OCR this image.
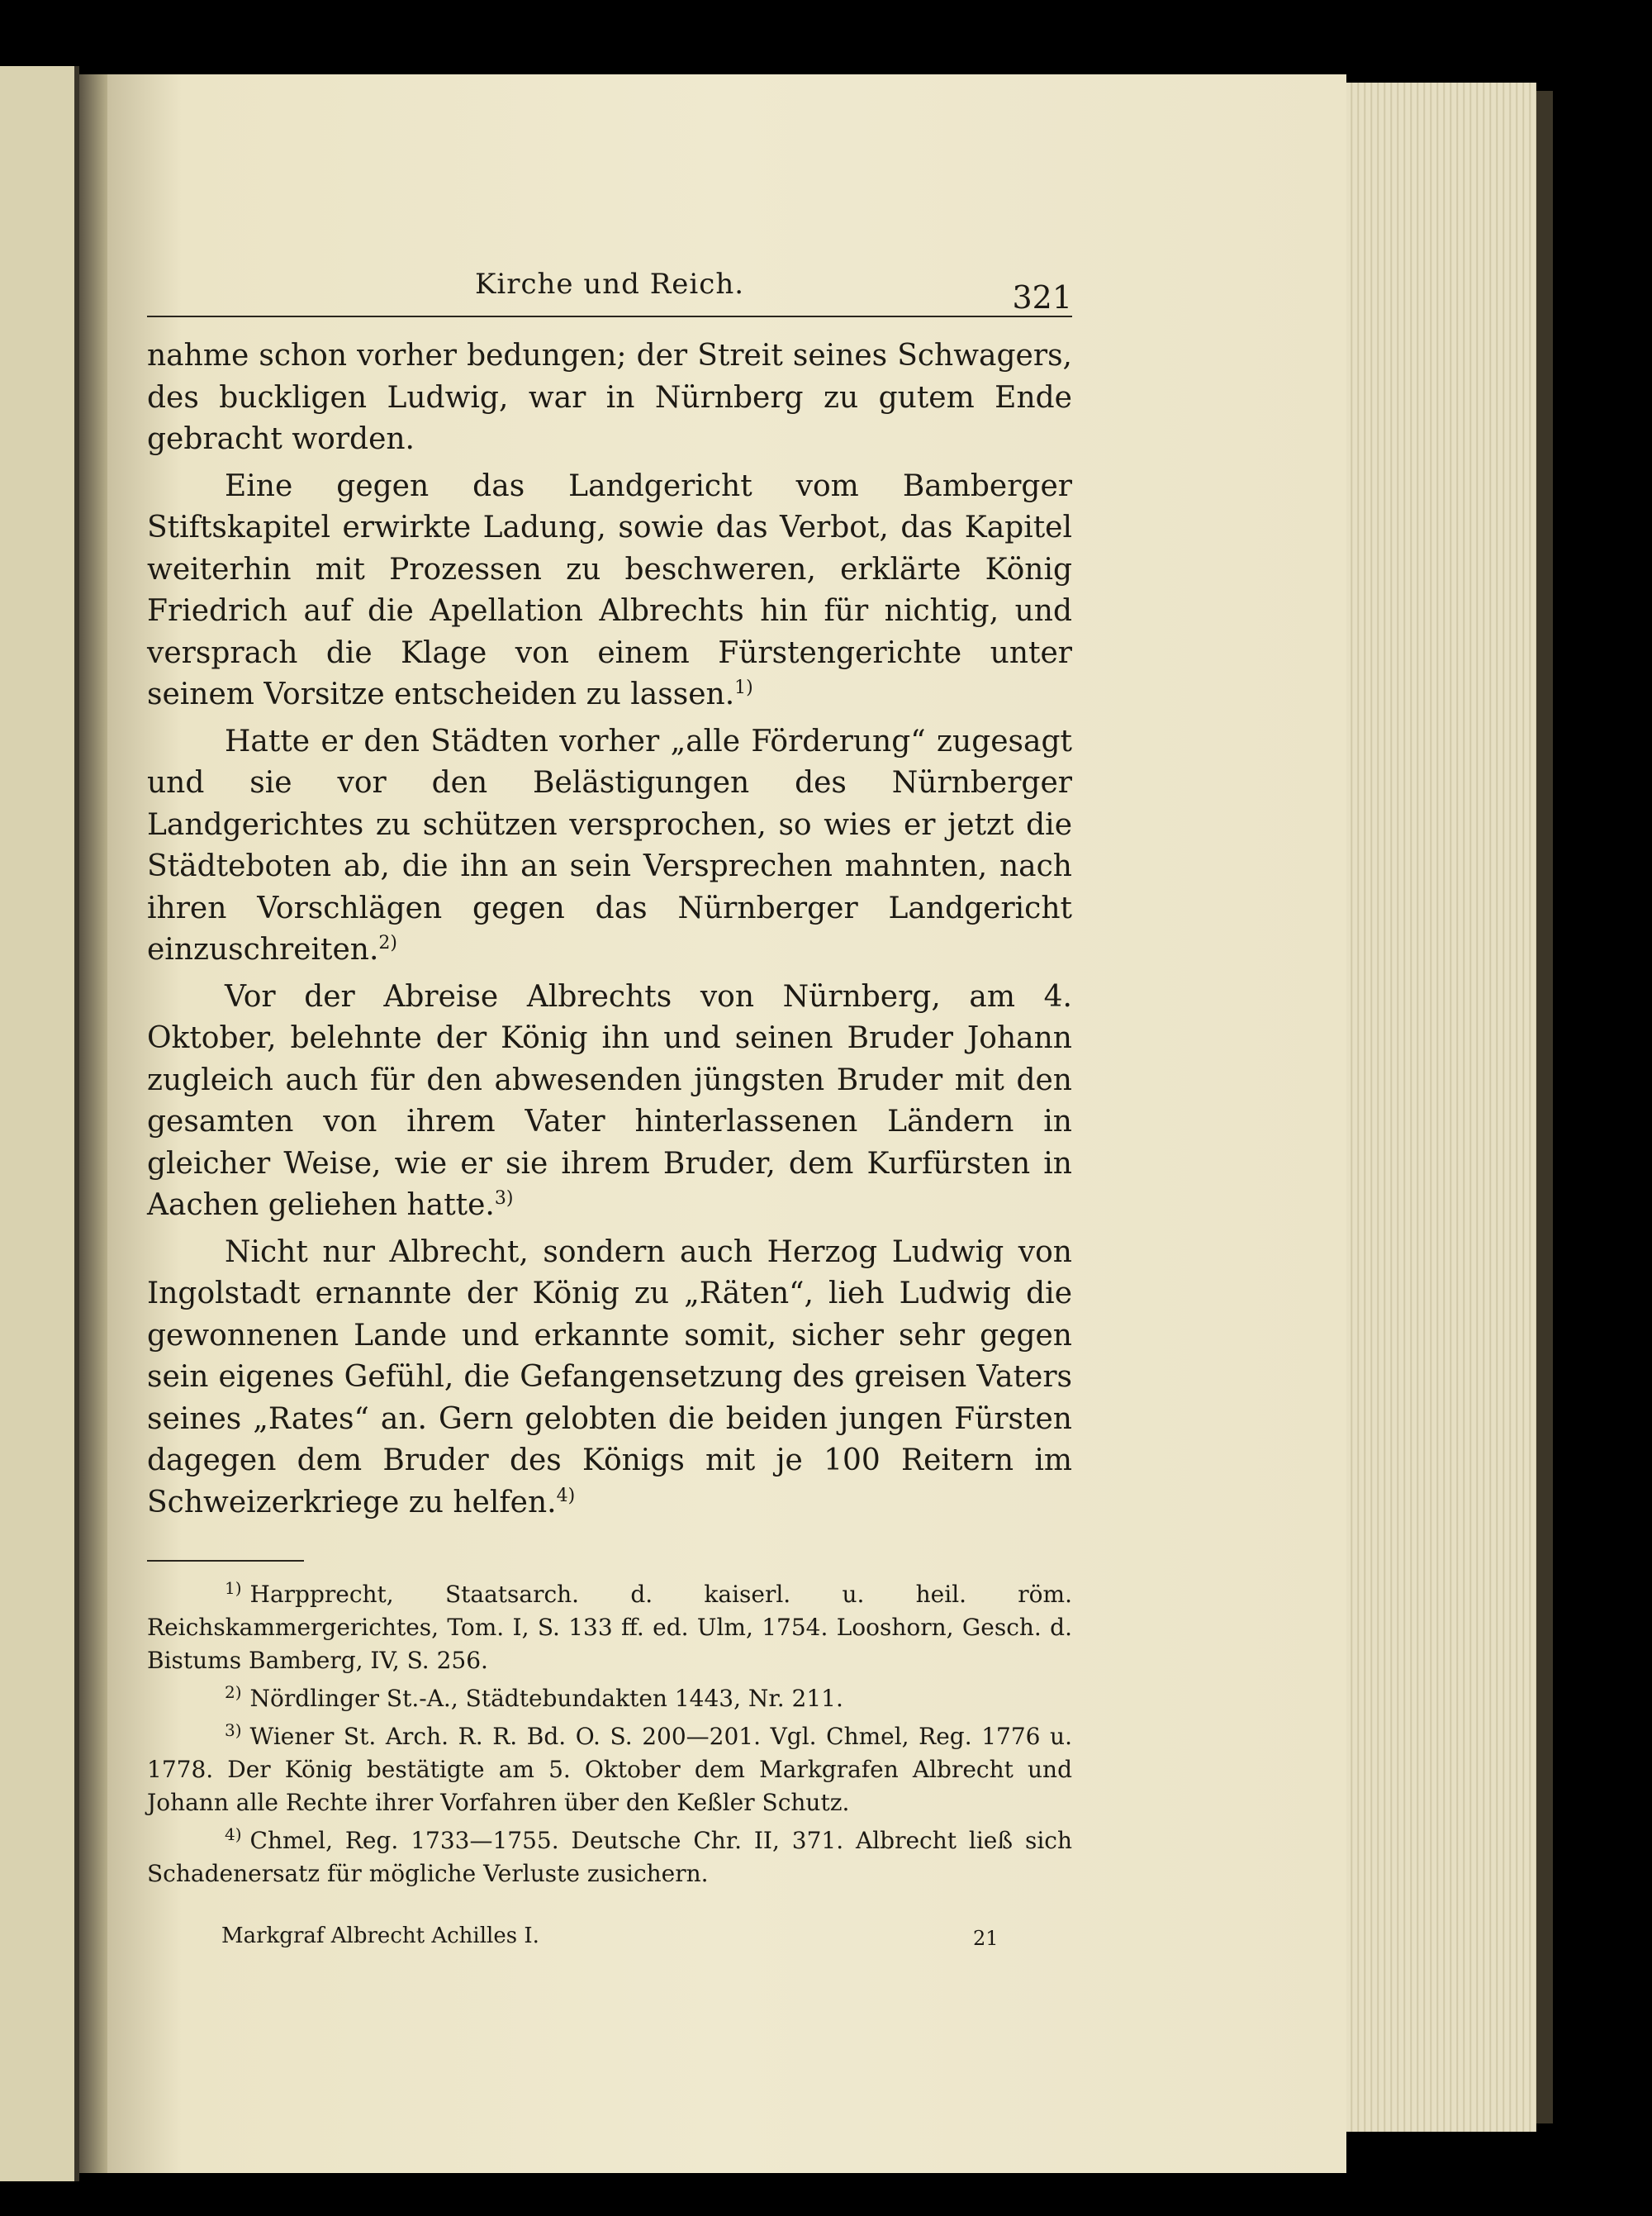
Kirche und Reich.	321

nahme schon vorher bedungen; der Streit seines Schwagers, des buckligen Ludwig, war in Nürnberg zu gutem Ende gebracht worden.

Eine gegen das Landgericht vom Bamberger Stiftskapitel erwirkte Ladung, sowie das Verbot, das Kapitel weiterhin mit Prozessen zu beschweren, erklärte König Friedrich auf die Apellation Albrechts hin für nichtig, und versprach die Klage von einem Fürstengerichte unter seinem Vorsitze entscheiden zu lassen.$^{1)}$

Hatte er den Städten vorher „alle Förderung“ zugesagt und sie vor den Belästigungen des Nürnberger Landgerichtes zu schützen versprochen, so wies er jetzt die Städteboten ab, die ihn an sein Versprechen mahnten, nach ihren Vorschlägen gegen das Nürnberger Landgericht einzuschreiten.$^{2)}$

Vor der Abreise Albrechts von Nürnberg, am 4. Oktober, belehnte der König ihn und seinen Bruder Johann zugleich auch für den abwesenden jüngsten Bruder mit den gesamten von ihrem Vater hinterlassenen Ländern in gleicher Weise, wie er sie ihrem Bruder, dem Kurfürsten in Aachen geliehen hatte.$^{3)}$

Nicht nur Albrecht, sondern auch Herzog Ludwig von Ingolstadt ernannte der König zu „Räten“, lieh Ludwig die gewonnenen Lande und erkannte somit, sicher sehr gegen sein eigenes Gefühl, die Gefangensetzung des greisen Vaters seines „Rates“ an. Gern gelobten die beiden jungen Fürsten dagegen dem Bruder des Königs mit je 100 Reitern im Schweizerkriege zu helfen.$^{4)}$

$^{1)}$ Harpprecht, Staatsarch. d. kaiserl. u. heil. röm. Reichskammergerichtes, Tom. I, S. 133 ff. ed. Ulm, 1754. Looshorn, Gesch. d. Bistums Bamberg, IV, S. 256.

$^{2)}$ Nördlinger St.-A., Städtebundakten 1443, Nr. 211.

$^{3)}$ Wiener St. Arch. R. R. Bd. O. S. 200—201. Vgl. Chmel, Reg. 1776 u. 1778. Der König bestätigte am 5. Oktober dem Markgrafen Albrecht und Johann alle Rechte ihrer Vorfahren über den Keßler Schutz.

$^{4)}$ Chmel, Reg. 1733—1755. Deutsche Chr. II, 371. Albrecht ließ sich Schadenersatz für mögliche Verluste zusichern.

Markgraf Albrecht Achilles I.	21
